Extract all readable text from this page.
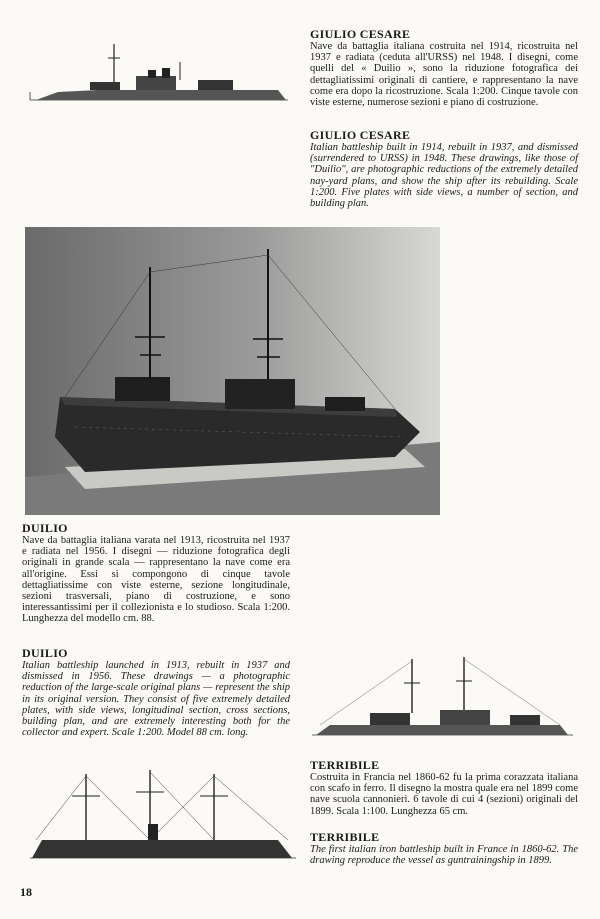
GIULIO CESARE

Nave da battaglia italiana costruita nel 1914, ricostruita nel 1937 e radiata (ceduta all'URSS) nel 1948. I disegni, come quelli del « Duilio », sono la riduzione fotografica dei dettagliatissimi originali di cantiere, e rappresentano la nave come era dopo la ricostruzione. Scala 1:200. Cinque tavole con viste esterne, numerose sezioni e piano di costruzione.

GIULIO CESARE

Italian battleship built in 1914, rebuilt in 1937, and dismissed (surrendered to URSS) in 1948. These drawings, like those of "Duilio", are photographic reductions of the extremely detailed nay-yard plans, and show the ship after its rebuilding. Scale 1:200. Five plates with side views, a number of section, and building plan.

DUILIO

Nave da battaglia italiana varata nel 1913, ricostruita nel 1937 e radiata nel 1956. I disegni — riduzione fotografica degli originali in grande scala — rappresentano la nave come era all'origine. Essi si compongono di cinque tavole dettagliatissime con viste esterne, sezione longitudinale, sezioni trasversali, piano di costruzione, e sono interessantissimi per il collezionista e lo studioso. Scala 1:200. Lunghezza del modello cm. 88.

DUILIO

Italian battleship launched in 1913, rebuilt in 1937 and dismissed in 1956. These drawings — a photographic reduction of the large-scale original plans — represent the ship in its original version. They consist of five extremely detailed plates, with side views, longitudinal section, cross sections, building plan, and are extremely interesting both for the collector and expert. Scale 1:200. Model 88 cm. long.

TERRIBILE

Costruita in Francia nel 1860-62 fu la prima corazzata italiana con scafo in ferro. Il disegno la mostra quale era nel 1899 come nave scuola cannonieri. 6 tavole di cui 4 (sezioni) originali del 1899. Scala 1:100. Lunghezza 65 cm.

TERRIBILE

The first italian iron battleship built in France in 1860-62. The drawing reproduce the vessel as guntrainingship in 1899.

18
